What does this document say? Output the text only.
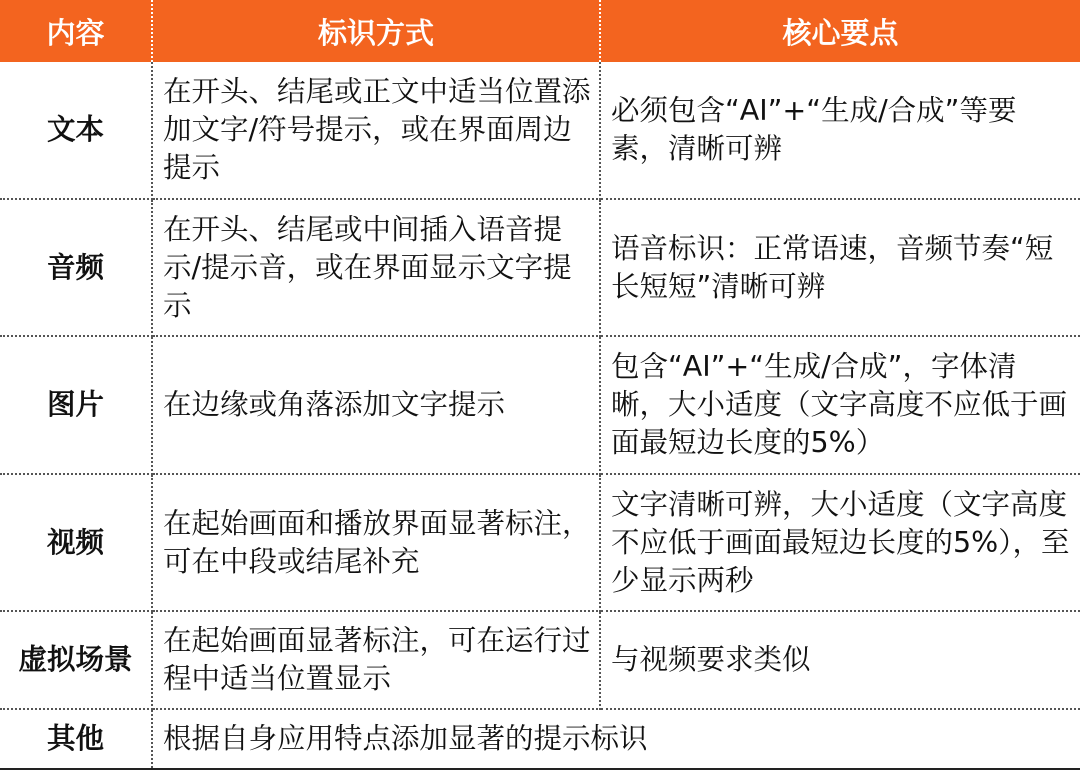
内容	标识方式	核心要点
文本	在开头、结尾或正文中适当位置添加文字/符号提示，或在界面周边提示	必须包含“AI”+“生成/合成”等要素，清晰可辨
音频	在开头、结尾或中间插入语音提示/提示音，或在界面显示文字提示	语音标识：正常语速，音频节奏“短长短短”清晰可辨
图片	在边缘或角落添加文字提示	包含“AI”+“生成/合成”，字体清晰，大小适度（文字高度不应低于画面最短边长度的5%）
视频	在起始画面和播放界面显著标注，可在中段或结尾补充	文字清晰可辨，大小适度（文字高度不应低于画面最短边长度的5%），至少显示两秒
虚拟场景	在起始画面显著标注，可在运行过程中适当位置显示	与视频要求类似
其他	根据自身应用特点添加显著的提示标识	
